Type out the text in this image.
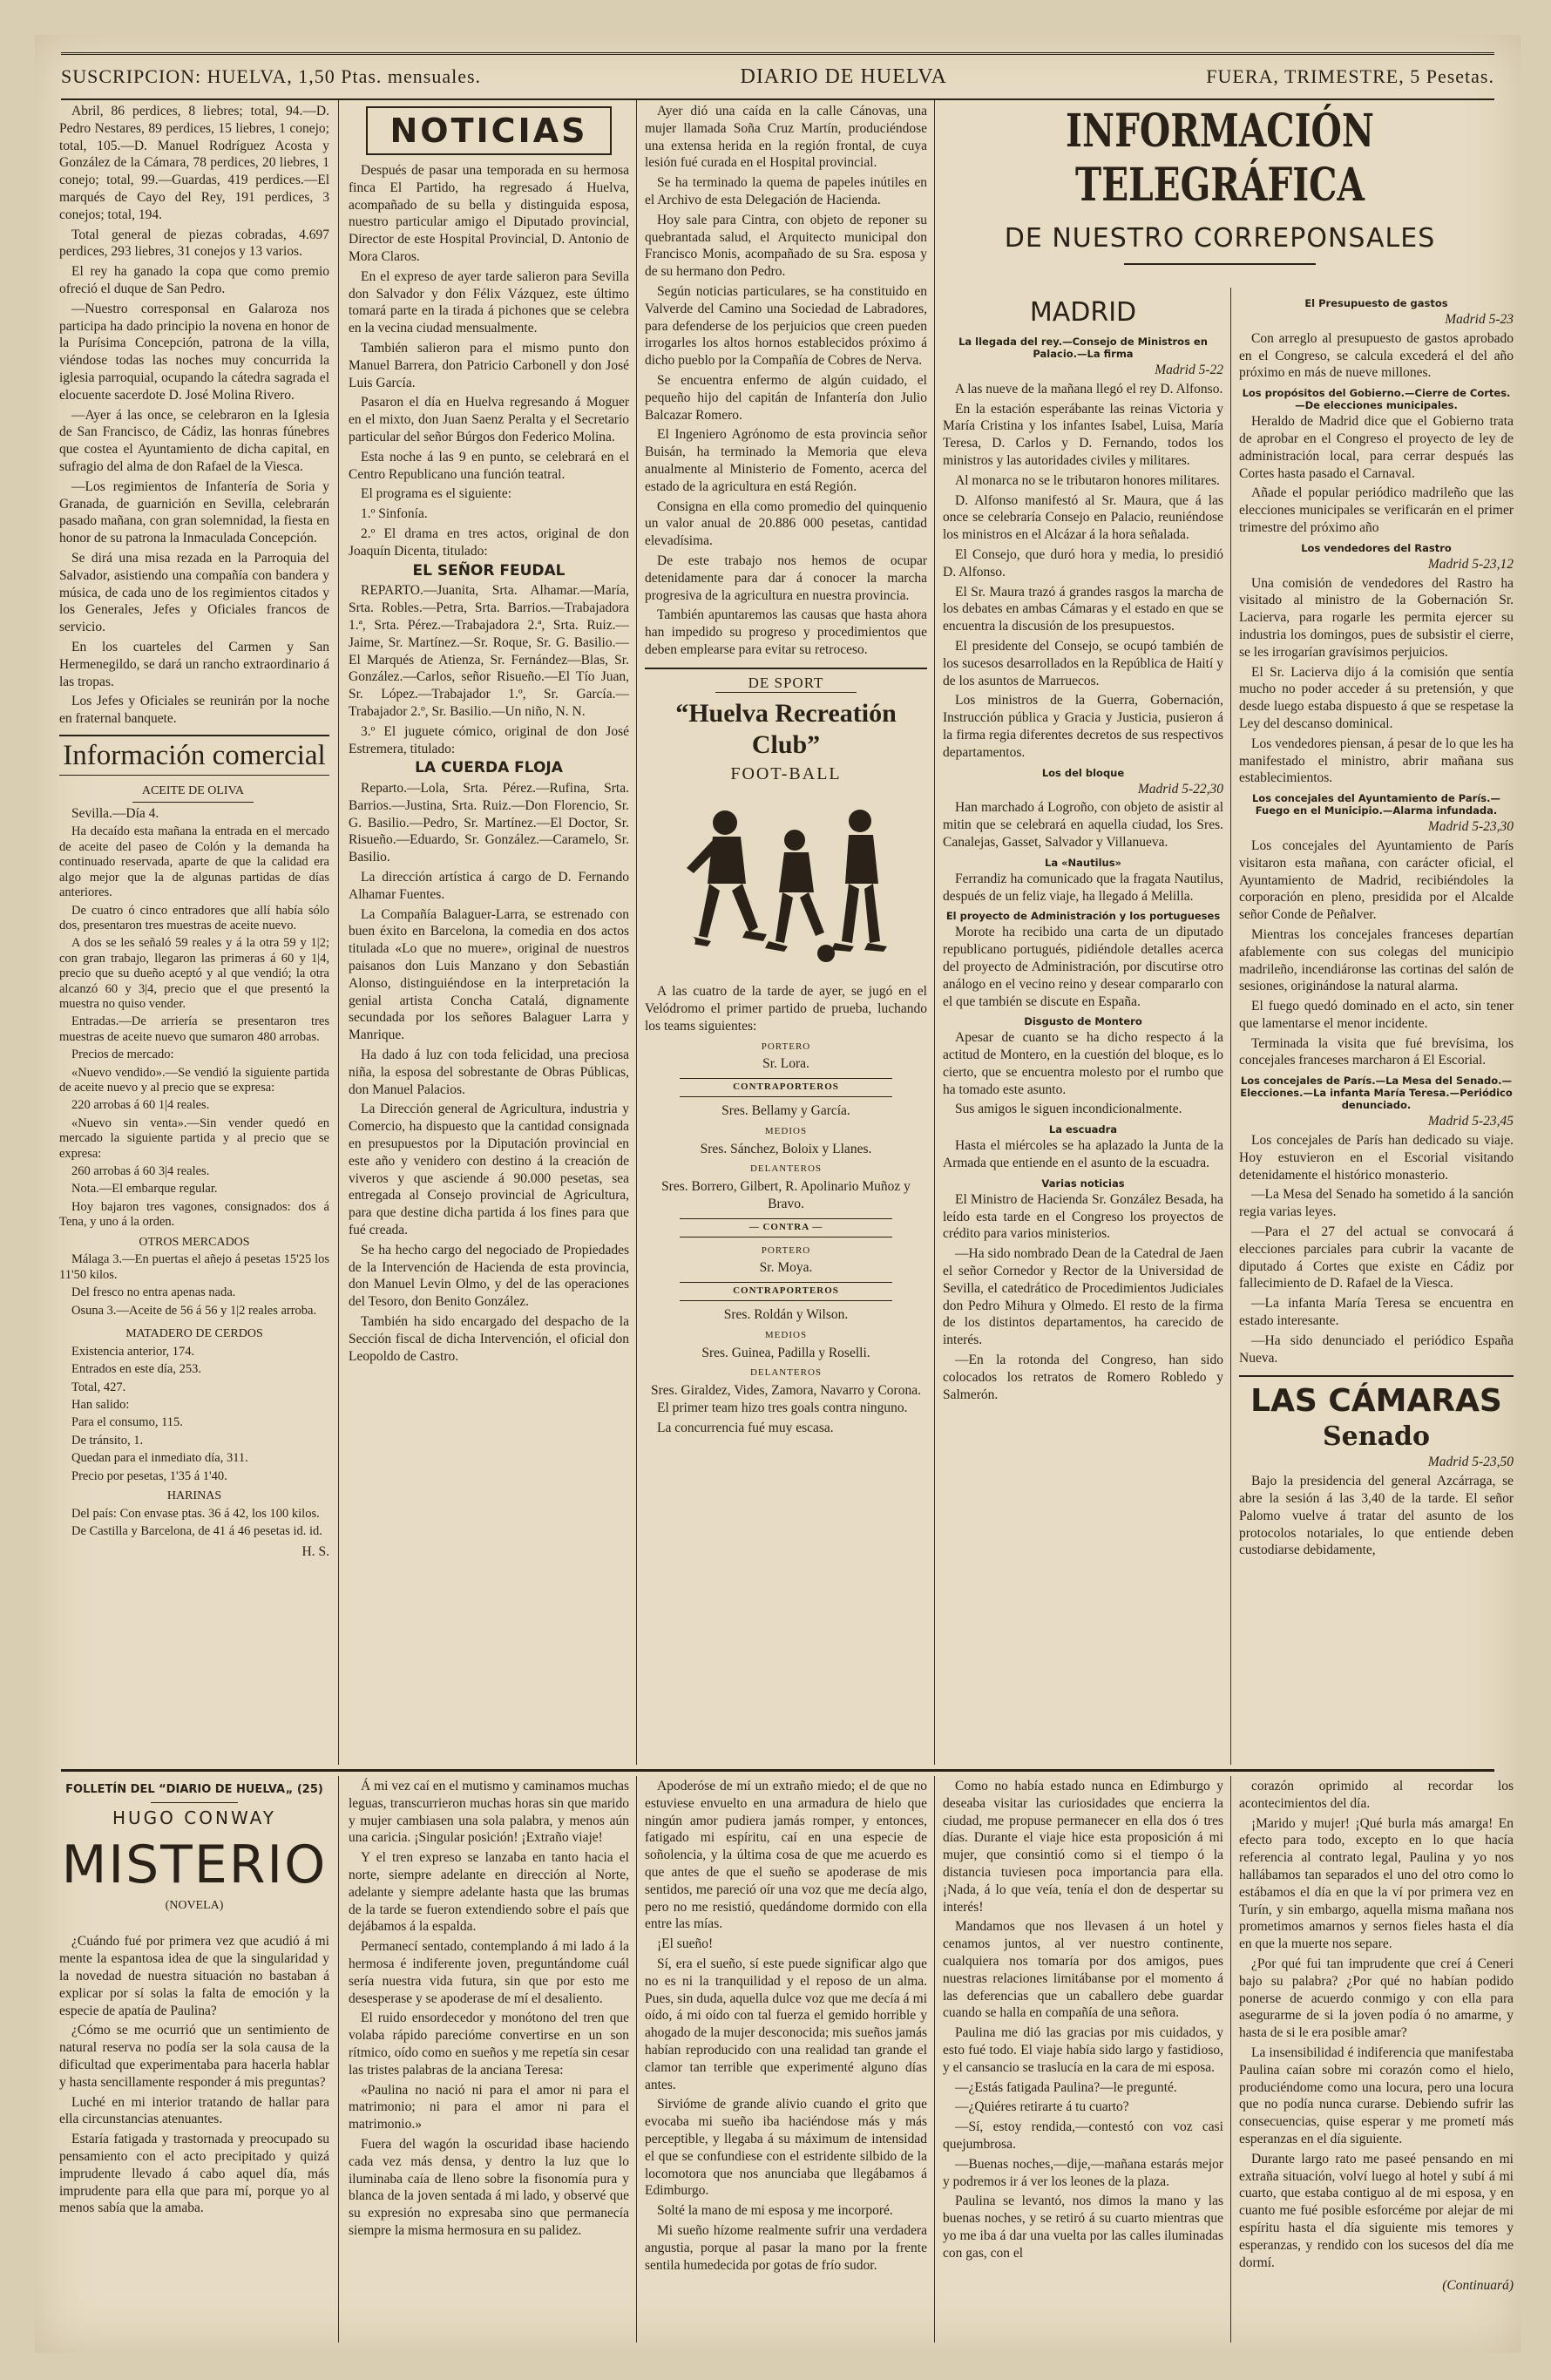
SUSCRIPCION: HUELVA, 1,50 Ptas. mensuales.	DIARIO DE HUELVA	FUERA, TRIMESTRE, 5 Pesetas.

Abril, 86 perdices, 8 liebres; total, 94.—D. Pedro Nestares, 89 perdices, 15 liebres, 1 conejo; total, 105.—D. Manuel Rodríguez Acosta y González de la Cámara, 78 perdices, 20 liebres, 1 conejo; total, 99.—Guardas, 419 perdices.—El marqués de Cayo del Rey, 191 perdices, 3 conejos; total, 194.

Total general de piezas cobradas, 4.697 perdices, 293 liebres, 31 conejos y 13 varios.

El rey ha ganado la copa que como premio ofreció el duque de San Pedro.

—Nuestro corresponsal en Galaroza nos participa ha dado principio la novena en honor de la Purísima Concepción, patrona de la villa, viéndose todas las noches muy concurrida la iglesia parroquial, ocupando la cátedra sagrada el elocuente sacerdote D. José Molina Rivero.

—Ayer á las once, se celebraron en la Iglesia de San Francisco, de Cádiz, las honras fúnebres que costea el Ayuntamiento de dicha capital, en sufragio del alma de don Rafael de la Viesca.

—Los regimientos de Infantería de Soria y Granada, de guarnición en Sevilla, celebrarán pasado mañana, con gran solemnidad, la fiesta en honor de su patrona la Inmaculada Concepción.

Se dirá una misa rezada en la Parroquia del Salvador, asistiendo una compañía con bandera y música, de cada uno de los regimientos citados y los Generales, Jefes y Oficiales francos de servicio.

En los cuarteles del Carmen y San Hermenegildo, se dará un rancho extraordinario á las tropas.

Los Jefes y Oficiales se reunirán por la noche en fraternal banquete.

Información comercial
ACEITE DE OLIVA

Sevilla.—Día 4.

Ha decaído esta mañana la entrada en el mercado de aceite del paseo de Colón y la demanda ha continuado reservada, aparte de que la calidad era algo mejor que la de algunas partidas de días anteriores.

De cuatro ó cinco entradores que allí había sólo dos, presentaron tres muestras de aceite nuevo.

A dos se les señaló 59 reales y á la otra 59 y 1|2; con gran trabajo, llegaron las primeras á 60 y 1|4, precio que su dueño aceptó y al que vendió; la otra alcanzó 60 y 3|4, precio que el que presentó la muestra no quiso vender.

Entradas.—De arriería se presentaron tres muestras de aceite nuevo que sumaron 480 arrobas.

Precios de mercado:

«Nuevo vendido».—Se vendió la siguiente partida de aceite nuevo y al precio que se expresa:

220 arrobas á 60 1|4 reales.

«Nuevo sin venta».—Sin vender quedó en mercado la siguiente partida y al precio que se expresa:

260 arrobas á 60 3|4 reales.

Nota.—El embarque regular.

Hoy bajaron tres vagones, consignados: dos á Tena, y uno á la orden.

OTROS MERCADOS

Málaga 3.—En puertas el añejo á pesetas 15'25 los 11'50 kilos.

Del fresco no entra apenas nada.

Osuna 3.—Aceite de 56 á 56 y 1|2 reales arroba.

MATADERO DE CERDOS

Existencia anterior, 174.

Entrados en este día, 253.

Total, 427.

Han salido:

Para el consumo, 115.

De tránsito, 1.

Quedan para el inmediato día, 311.

Precio por pesetas, 1'35 á 1'40.

HARINAS

Del país: Con envase ptas. 36 á 42, los 100 kilos.

De Castilla y Barcelona, de 41 á 46 pesetas id. id.

H. S.
NOTICIAS

Después de pasar una temporada en su hermosa finca El Partido, ha regresado á Huelva, acompañado de su bella y distinguida esposa, nuestro particular amigo el Diputado provincial, Director de este Hospital Provincial, D. Antonio de Mora Claros.

En el expreso de ayer tarde salieron para Sevilla don Salvador y don Félix Vázquez, este último tomará parte en la tirada á pichones que se celebra en la vecina ciudad mensualmente.

También salieron para el mismo punto don Manuel Barrera, don Patricio Carbonell y don José Luis García.

Pasaron el día en Huelva regresando á Moguer en el mixto, don Juan Saenz Peralta y el Secretario particular del señor Búrgos don Federico Molina.

Esta noche á las 9 en punto, se celebrará en el Centro Republicano una función teatral.

El programa es el siguiente:

1.º Sinfonía.

2.º El drama en tres actos, original de don Joaquín Dicenta, titulado:

EL SEÑOR FEUDAL

REPARTO.—Juanita, Srta. Alhamar.—María, Srta. Robles.—Petra, Srta. Barrios.—Trabajadora 1.ª, Srta. Pérez.—Trabajadora 2.ª, Srta. Ruiz.—Jaime, Sr. Martínez.—Sr. Roque, Sr. G. Basilio.—El Marqués de Atienza, Sr. Fernández—Blas, Sr. González.—Carlos, señor Risueño.—El Tío Juan, Sr. López.—Trabajador 1.º, Sr. García.—Trabajador 2.º, Sr. Basilio.—Un niño, N. N.

3.º El juguete cómico, original de don José Estremera, titulado:

LA CUERDA FLOJA

Reparto.—Lola, Srta. Pérez.—Rufina, Srta. Barrios.—Justina, Srta. Ruiz.—Don Florencio, Sr. G. Basilio.—Pedro, Sr. Martínez.—El Doctor, Sr. Risueño.—Eduardo, Sr. González.—Caramelo, Sr. Basilio.

La dirección artística á cargo de D. Fernando Alhamar Fuentes.

La Compañía Balaguer-Larra, se estrenado con buen éxito en Barcelona, la comedia en dos actos titulada «Lo que no muere», original de nuestros paisanos don Luis Manzano y don Sebastián Alonso, distinguiéndose en la interpretación la genial artista Concha Catalá, dignamente secundada por los señores Balaguer Larra y Manrique.

Ha dado á luz con toda felicidad, una preciosa niña, la esposa del sobrestante de Obras Públicas, don Manuel Palacios.

La Dirección general de Agricultura, industria y Comercio, ha dispuesto que la cantidad consignada en presupuestos por la Diputación provincial en este año y venidero con destino á la creación de viveros y que asciende á 90.000 pesetas, sea entregada al Consejo provincial de Agricultura, para que destine dicha partida á los fines para que fué creada.

Se ha hecho cargo del negociado de Propiedades de la Intervención de Hacienda de esta provincia, don Manuel Levin Olmo, y del de las operaciones del Tesoro, don Benito González.

También ha sido encargado del despacho de la Sección fiscal de dicha Intervención, el oficial don Leopoldo de Castro.

Ayer dió una caída en la calle Cánovas, una mujer llamada Soña Cruz Martín, produciéndose una extensa herida en la región frontal, de cuya lesión fué curada en el Hospital provincial.

Se ha terminado la quema de papeles inútiles en el Archivo de esta Delegación de Hacienda.

Hoy sale para Cintra, con objeto de reponer su quebrantada salud, el Arquitecto municipal don Francisco Monis, acompañado de su Sra. esposa y de su hermano don Pedro.

Según noticias particulares, se ha constituido en Valverde del Camino una Sociedad de Labradores, para defenderse de los perjuicios que creen pueden irrogarles los altos hornos establecidos próximo á dicho pueblo por la Compañía de Cobres de Nerva.

Se encuentra enfermo de algún cuidado, el pequeño hijo del capitán de Infantería don Julio Balcazar Romero.

El Ingeniero Agrónomo de esta provincia señor Buisán, ha terminado la Memoria que eleva anualmente al Ministerio de Fomento, acerca del estado de la agricultura en está Región.

Consigna en ella como promedio del quinquenio un valor anual de 20.886 000 pesetas, cantidad elevadísima.

De este trabajo nos hemos de ocupar detenidamente para dar á conocer la marcha progresiva de la agricultura en nuestra provincia.

También apuntaremos las causas que hasta ahora han impedido su progreso y procedimientos que deben emplearse para evitar su retroceso.

DE SPORT
“Huelva Recreatión Club”
FOOT-BALL

A las cuatro de la tarde de ayer, se jugó en el Velódromo el primer partido de prueba, luchando los teams siguientes:

PORTERO
Sr. Lora.
CONTRAPORTEROS
Sres. Bellamy y García.
MEDIOS
Sres. Sánchez, Boloix y Llanes.
DELANTEROS
Sres. Borrero, Gilbert, R. Apolinario Muñoz y Bravo.
— CONTRA —
PORTERO
Sr. Moya.
CONTRAPORTEROS
Sres. Roldán y Wilson.
MEDIOS
Sres. Guinea, Padilla y Roselli.
DELANTEROS
Sres. Giraldez, Vides, Zamora, Navarro y Corona.

El primer team hizo tres goals contra ninguno.

La concurrencia fué muy escasa.

INFORMACIÓN TELEGRÁFICA
DE NUESTRO CORREPONSALES
MADRID
La llegada del rey.—Consejo de Ministros en Palacio.—La firma
Madrid 5-22

A las nueve de la mañana llegó el rey D. Alfonso.

En la estación esperábante las reinas Victoria y María Cristina y los infantes Isabel, Luisa, María Teresa, D. Carlos y D. Fernando, todos los ministros y las autoridades civiles y militares.

Al monarca no se le tributaron honores militares.

D. Alfonso manifestó al Sr. Maura, que á las once se celebraría Consejo en Palacio, reuniéndose los ministros en el Alcázar á la hora señalada.

El Consejo, que duró hora y media, lo presidió D. Alfonso.

El Sr. Maura trazó á grandes rasgos la marcha de los debates en ambas Cámaras y el estado en que se encuentra la discusión de los presupuestos.

El presidente del Consejo, se ocupó también de los sucesos desarrollados en la República de Haití y de los asuntos de Marruecos.

Los ministros de la Guerra, Gobernación, Instrucción pública y Gracia y Justicia, pusieron á la firma regia diferentes decretos de sus respectivos departamentos.

Los del bloque
Madrid 5-22,30

Han marchado á Logroño, con objeto de asistir al mitin que se celebrará en aquella ciudad, los Sres. Canalejas, Gasset, Salvador y Villanueva.

La «Nautilus»

Ferrandiz ha comunicado que la fragata Nautilus, después de un feliz viaje, ha llegado á Melilla.

El proyecto de Administración y los portugueses

Morote ha recibido una carta de un diputado republicano portugués, pidiéndole detalles acerca del proyecto de Administración, por discutirse otro análogo en el vecino reino y desear compararlo con el que también se discute en España.

Disgusto de Montero

Apesar de cuanto se ha dicho respecto á la actitud de Montero, en la cuestión del bloque, es lo cierto, que se encuentra molesto por el rumbo que ha tomado este asunto.

Sus amigos le siguen incondicionalmente.

La escuadra

Hasta el miércoles se ha aplazado la Junta de la Armada que entiende en el asunto de la escuadra.

Varias noticias

El Ministro de Hacienda Sr. González Besada, ha leído esta tarde en el Congreso los proyectos de crédito para varios ministerios.

—Ha sido nombrado Dean de la Catedral de Jaen el señor Cornedor y Rector de la Universidad de Sevilla, el catedrático de Procedimientos Judiciales don Pedro Mihura y Olmedo. El resto de la firma de los distintos departamentos, ha carecido de interés.

—En la rotonda del Congreso, han sido colocados los retratos de Romero Robledo y Salmerón.

El Presupuesto de gastos
Madrid 5-23

Con arreglo al presupuesto de gastos aprobado en el Congreso, se calcula excederá el del año próximo en más de nueve millones.

Los propósitos del Gobierno.—Cierre de Cortes.—De elecciones municipales.

Heraldo de Madrid dice que el Gobierno trata de aprobar en el Congreso el proyecto de ley de administración local, para cerrar después las Cortes hasta pasado el Carnaval.

Añade el popular periódico madrileño que las elecciones municipales se verificarán en el primer trimestre del próximo año

Los vendedores del Rastro
Madrid 5-23,12

Una comisión de vendedores del Rastro ha visitado al ministro de la Gobernación Sr. Lacierva, para rogarle les permita ejercer su industria los domingos, pues de subsistir el cierre, se les irrogarían gravísimos perjuicios.

El Sr. Lacierva dijo á la comisión que sentía mucho no poder acceder á su pretensión, y que desde luego estaba dispuesto á que se respetase la Ley del descanso dominical.

Los vendedores piensan, á pesar de lo que les ha manifestado el ministro, abrir mañana sus establecimientos.

Los concejales del Ayuntamiento de París.—Fuego en el Municipio.—Alarma infundada.
Madrid 5-23,30

Los concejales del Ayuntamiento de París visitaron esta mañana, con carácter oficial, el Ayuntamiento de Madrid, recibiéndoles la corporación en pleno, presidida por el Alcalde señor Conde de Peñalver.

Mientras los concejales franceses departían afablemente con sus colegas del municipio madrileño, incendiáronse las cortinas del salón de sesiones, originándose la natural alarma.

El fuego quedó dominado en el acto, sin tener que lamentarse el menor incidente.

Terminada la visita que fué brevísima, los concejales franceses marcharon á El Escorial.

Los concejales de París.—La Mesa del Senado.—Elecciones.—La infanta María Teresa.—Periódico denunciado.
Madrid 5-23,45

Los concejales de París han dedicado su viaje. Hoy estuvieron en el Escorial visitando detenidamente el histórico monasterio.

—La Mesa del Senado ha sometido á la sanción regia varias leyes.

—Para el 27 del actual se convocará á elecciones parciales para cubrir la vacante de diputado á Cortes que existe en Cádiz por fallecimiento de D. Rafael de la Viesca.

—La infanta María Teresa se encuentra en estado interesante.

—Ha sido denunciado el periódico España Nueva.

LAS CÁMARAS
Senado
Madrid 5-23,50

Bajo la presidencia del general Azcárraga, se abre la sesión á las 3,40 de la tarde. El señor Palomo vuelve á tratar del asunto de los protocolos notariales, lo que entiende deben custodiarse debidamente,

FOLLETÍN DEL “DIARIO DE HUELVA„ (25)
HUGO CONWAY
MISTERIO
(NOVELA)

¿Cuándo fué por primera vez que acudió á mi mente la espantosa idea de que la singularidad y la novedad de nuestra situación no bastaban á explicar por sí solas la falta de emoción y la especie de apatía de Paulina?

¿Cómo se me ocurrió que un sentimiento de natural reserva no podía ser la sola causa de la dificultad que experimentaba para hacerla hablar y hasta sencillamente responder á mis preguntas?

Luché en mi interior tratando de hallar para ella circunstancias atenuantes.

Estaría fatigada y trastornada y preocupado su pensamiento con el acto precipitado y quizá imprudente llevado á cabo aquel día, más imprudente para ella que para mí, porque yo al menos sabía que la amaba.

Á mi vez caí en el mutismo y caminamos muchas leguas, transcurrieron muchas horas sin que marido y mujer cambiasen una sola palabra, y menos aún una caricia. ¡Singular posición! ¡Extraño viaje!

Y el tren expreso se lanzaba en tanto hacia el norte, siempre adelante en dirección al Norte, adelante y siempre adelante hasta que las brumas de la tarde se fueron extendiendo sobre el país que dejábamos á la espalda.

Permanecí sentado, contemplando á mi lado á la hermosa é indiferente joven, preguntándome cuál sería nuestra vida futura, sin que por esto me desesperase y se apoderase de mí el desaliento.

El ruido ensordecedor y monótono del tren que volaba rápido parecióme convertirse en un son rítmico, oído como en sueños y me repetía sin cesar las tristes palabras de la anciana Teresa:

«Paulina no nació ni para el amor ni para el matrimonio; ni para el amor ni para el matrimonio.»

Fuera del wagón la oscuridad ibase haciendo cada vez más densa, y dentro la luz que lo iluminaba caía de lleno sobre la fisonomía pura y blanca de la joven sentada á mi lado, y observé que su expresión no expresaba sino que permanecía siempre la misma hermosura en su palidez.

Apoderóse de mí un extraño miedo; el de que no estuviese envuelto en una armadura de hielo que ningún amor pudiera jamás romper, y entonces, fatigado mi espíritu, caí en una especie de soñolencia, y la última cosa de que me acuerdo es que antes de que el sueño se apoderase de mis sentidos, me pareció oír una voz que me decía algo, pero no me resistió, quedándome dormido con ella entre las mías.

¡El sueño!

Sí, era el sueño, sí este puede significar algo que no es ni la tranquilidad y el reposo de un alma. Pues, sin duda, aquella dulce voz que me decía á mi oído, á mi oído con tal fuerza el gemido horrible y ahogado de la mujer desconocida; mis sueños jamás habían reproducido con una realidad tan grande el clamor tan terrible que experimenté alguno días antes.

Sirvióme de grande alivio cuando el grito que evocaba mi sueño iba haciéndose más y más perceptible, y llegaba á su máximum de intensidad el que se confundiese con el estridente silbido de la locomotora que nos anunciaba que llegábamos á Edimburgo.

Solté la mano de mi esposa y me incorporé.

Mi sueño hízome realmente sufrir una verdadera angustia, porque al pasar la mano por la frente sentila humedecida por gotas de frío sudor.

Como no había estado nunca en Edimburgo y deseaba visitar las curiosidades que encierra la ciudad, me propuse permanecer en ella dos ó tres días. Durante el viaje hice esta proposición á mi mujer, que consintió como si el tiempo ó la distancia tuviesen poca importancia para ella. ¡Nada, á lo que veía, tenía el don de despertar su interés!

Mandamos que nos llevasen á un hotel y cenamos juntos, al ver nuestro continente, cualquiera nos tomaría por dos amigos, pues nuestras relaciones limitábanse por el momento á las deferencias que un caballero debe guardar cuando se halla en compañía de una señora.

Paulina me dió las gracias por mis cuidados, y esto fué todo. El viaje había sido largo y fastidioso, y el cansancio se traslucía en la cara de mi esposa.

—¿Estás fatigada Paulina?—le pregunté.

—¿Quiéres retirarte á tu cuarto?

—Sí, estoy rendida,—contestó con voz casi quejumbrosa.

—Buenas noches,—dije,—mañana estarás mejor y podremos ir á ver los leones de la plaza.

Paulina se levantó, nos dimos la mano y las buenas noches, y se retiró á su cuarto mientras que yo me iba á dar una vuelta por las calles iluminadas con gas, con el

corazón oprimido al recordar los acontecimientos del día.

¡Marido y mujer! ¡Qué burla más amarga! En efecto para todo, excepto en lo que hacía referencia al contrato legal, Paulina y yo nos hallábamos tan separados el uno del otro como lo estábamos el día en que la ví por primera vez en Turín, y sin embargo, aquella misma mañana nos prometimos amarnos y sernos fieles hasta el día en que la muerte nos separe.

¿Por qué fui tan imprudente que creí á Ceneri bajo su palabra? ¿Por qué no habían podido ponerse de acuerdo conmigo y con ella para asegurarme de si la joven podía ó no amarme, y hasta de si le era posible amar?

La insensibilidad é indiferencia que manifestaba Paulina caían sobre mi corazón como el hielo, produciéndome como una locura, pero una locura que no podía nunca curarse. Debiendo sufrir las consecuencias, quise esperar y me prometí más esperanzas en el día siguiente.

Durante largo rato me paseé pensando en mi extraña situación, volví luego al hotel y subí á mi cuarto, que estaba contiguo al de mi esposa, y en cuanto me fué posible esforcéme por alejar de mi espíritu hasta el día siguiente mis temores y esperanzas, y rendido con los sucesos del día me dormí.

(Continuará)
